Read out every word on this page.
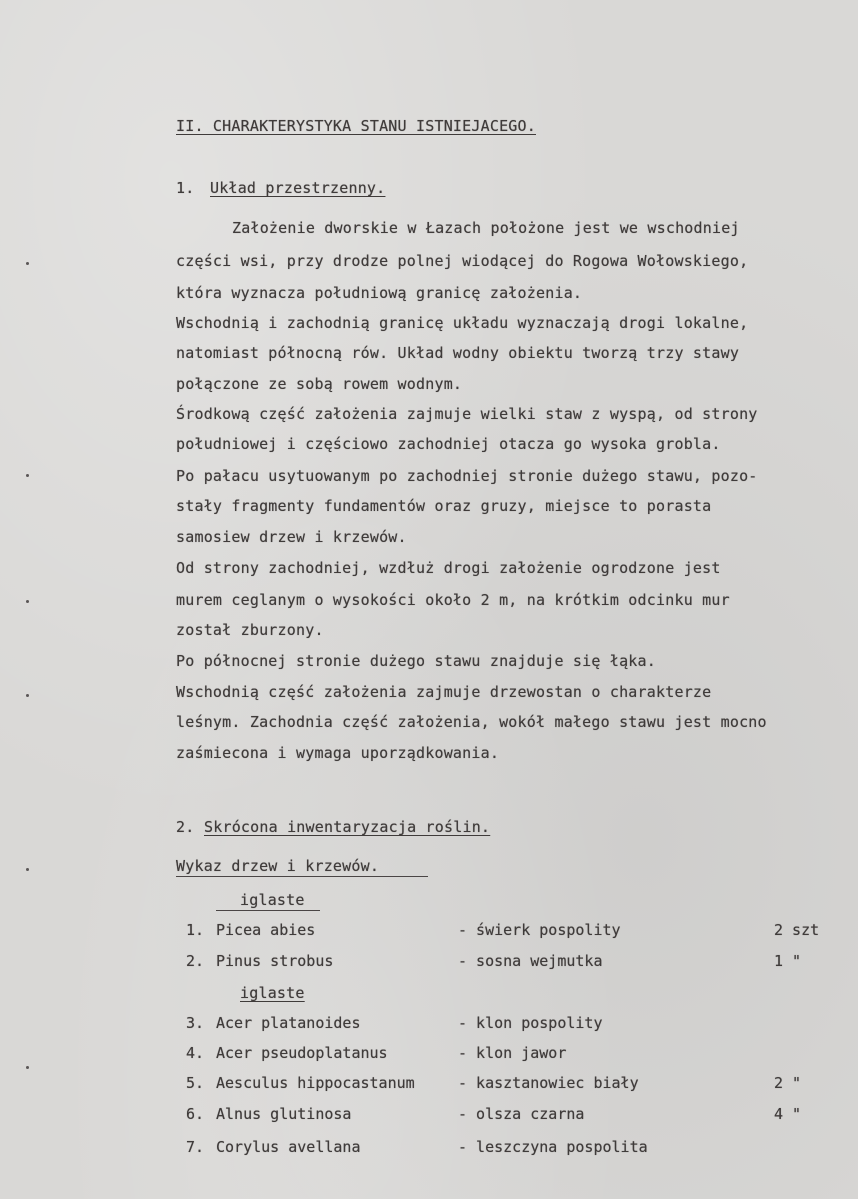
II. CHARAKTERYSTYKA STANU ISTNIEJACEGO.
1. Układ przestrzenny.
Założenie dworskie w Łazach położone jest we wschodniej
części wsi, przy drodze polnej wiodącej do Rogowa Wołowskiego,
która wyznacza południową granicę założenia.
Wschodnią i zachodnią granicę układu wyznaczają drogi lokalne,
natomiast północną rów. Układ wodny obiektu tworzą trzy stawy
połączone ze sobą rowem wodnym.
Środkową część założenia zajmuje wielki staw z wyspą, od strony
południowej i częściowo zachodniej otacza go wysoka grobla.
Po pałacu usytuowanym po zachodniej stronie dużego stawu, pozo-
stały fragmenty fundamentów oraz gruzy, miejsce to porasta
samosiew drzew i krzewów.
Od strony zachodniej, wzdłuż drogi założenie ogrodzone jest
murem ceglanym o wysokości około 2 m, na krótkim odcinku mur
został zburzony.
Po północnej stronie dużego stawu znajduje się łąka.
Wschodnią część założenia zajmuje drzewostan o charakterze
leśnym. Zachodnia część założenia, wokół małego stawu jest mocno
zaśmiecona i wymaga uporządkowania.
2. Skrócona inwentaryzacja roślin.
Wykaz drzew i krzewów.
iglaste
1. Picea abies	- świerk pospolity	2 szt
2. Pinus strobus	- sosna wejmutka	1 "
iglaste
3. Acer platanoides	- klon pospolity
4. Acer pseudoplatanus	- klon jawor
5. Aesculus hippocastanum	- kasztanowiec biały	2 "
6. Alnus glutinosa	- olsza czarna	4 "
7. Corylus avellana	- leszczyna pospolita
